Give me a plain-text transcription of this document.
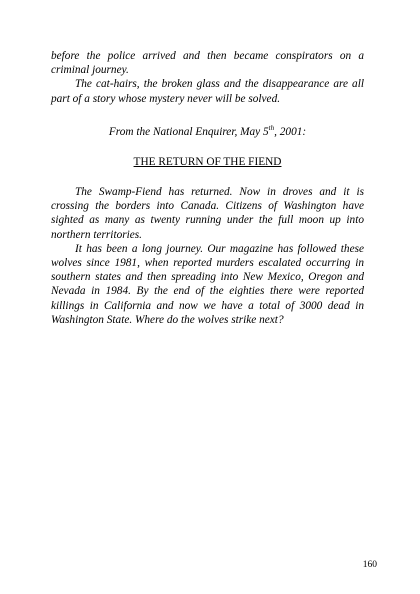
before the police arrived and then became conspirators on a criminal journey.

The cat-hairs, the broken glass and the disappearance are all part of a story whose mystery never will be solved.

From the National Enquirer, May 5th, 2001:
THE RETURN OF THE FIEND

The Swamp-Fiend has returned. Now in droves and it is crossing the borders into Canada. Citizens of Washington have sighted as many as twenty running under the full moon up into northern territories.

It has been a long journey. Our magazine has followed these wolves since 1981, when reported murders escalated occurring in southern states and then spreading into New Mexico, Oregon and Nevada in 1984. By the end of the eighties there were reported killings in California and now we have a total of 3000 dead in Washington State. Where do the wolves strike next?

160
